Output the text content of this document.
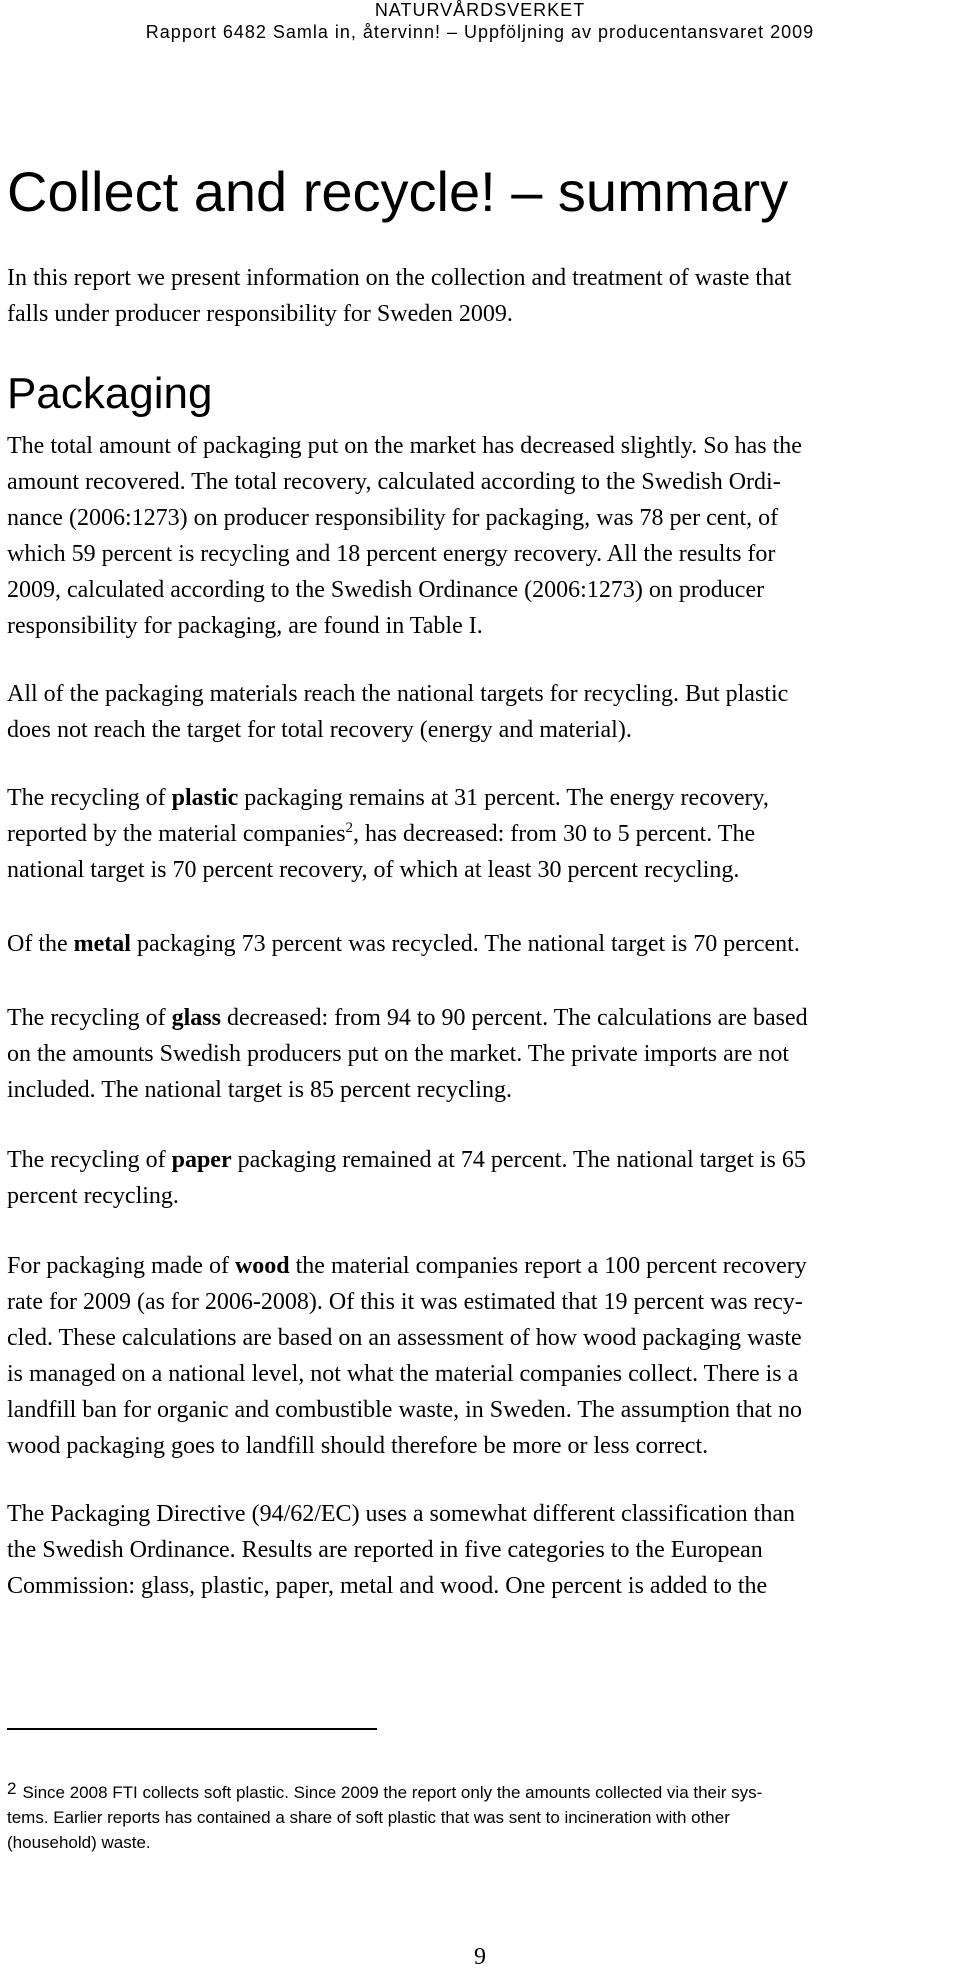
NATURVÅRDSVERKET
Rapport 6482 Samla in, återvinn! – Uppföljning av producentansvaret 2009
Collect and recycle! – summary

In this report we present information on the collection and treatment of waste that
falls under producer responsibility for Sweden 2009.

Packaging

The total amount of packaging put on the market has decreased slightly. So has the
amount recovered. The total recovery, calculated according to the Swedish Ordi-
nance (2006:1273) on producer responsibility for packaging, was 78 per cent, of
which 59 percent is recycling and 18 percent energy recovery. All the results for
2009, calculated according to the Swedish Ordinance (2006:1273) on producer
responsibility for packaging, are found in Table I.

All of the packaging materials reach the national targets for recycling. But plastic
does not reach the target for total recovery (energy and material).

The recycling of plastic packaging remains at 31 percent. The energy recovery,
reported by the material companies$^2$, has decreased: from 30 to 5 percent. The
national target is 70 percent recovery, of which at least 30 percent recycling.

Of the metal packaging 73 percent was recycled. The national target is 70 percent.

The recycling of glass decreased: from 94 to 90 percent. The calculations are based
on the amounts Swedish producers put on the market. The private imports are not
included. The national target is 85 percent recycling.

The recycling of paper packaging remained at 74 percent. The national target is 65
percent recycling.

For packaging made of wood the material companies report a 100 percent recovery
rate for 2009 (as for 2006-2008). Of this it was estimated that 19 percent was recy-
cled. These calculations are based on an assessment of how wood packaging waste
is managed on a national level, not what the material companies collect. There is a
landfill ban for organic and combustible waste, in Sweden. The assumption that no
wood packaging goes to landfill should therefore be more or less correct.

The Packaging Directive (94/62/EC) uses a somewhat different classification than
the Swedish Ordinance. Results are reported in five categories to the European
Commission: glass, plastic, paper, metal and wood. One percent is added to the

$^2$ Since 2008 FTI collects soft plastic. Since 2009 the report only the amounts collected via their sys-
tems. Earlier reports has contained a share of soft plastic that was sent to incineration with other
(household) waste.

9
